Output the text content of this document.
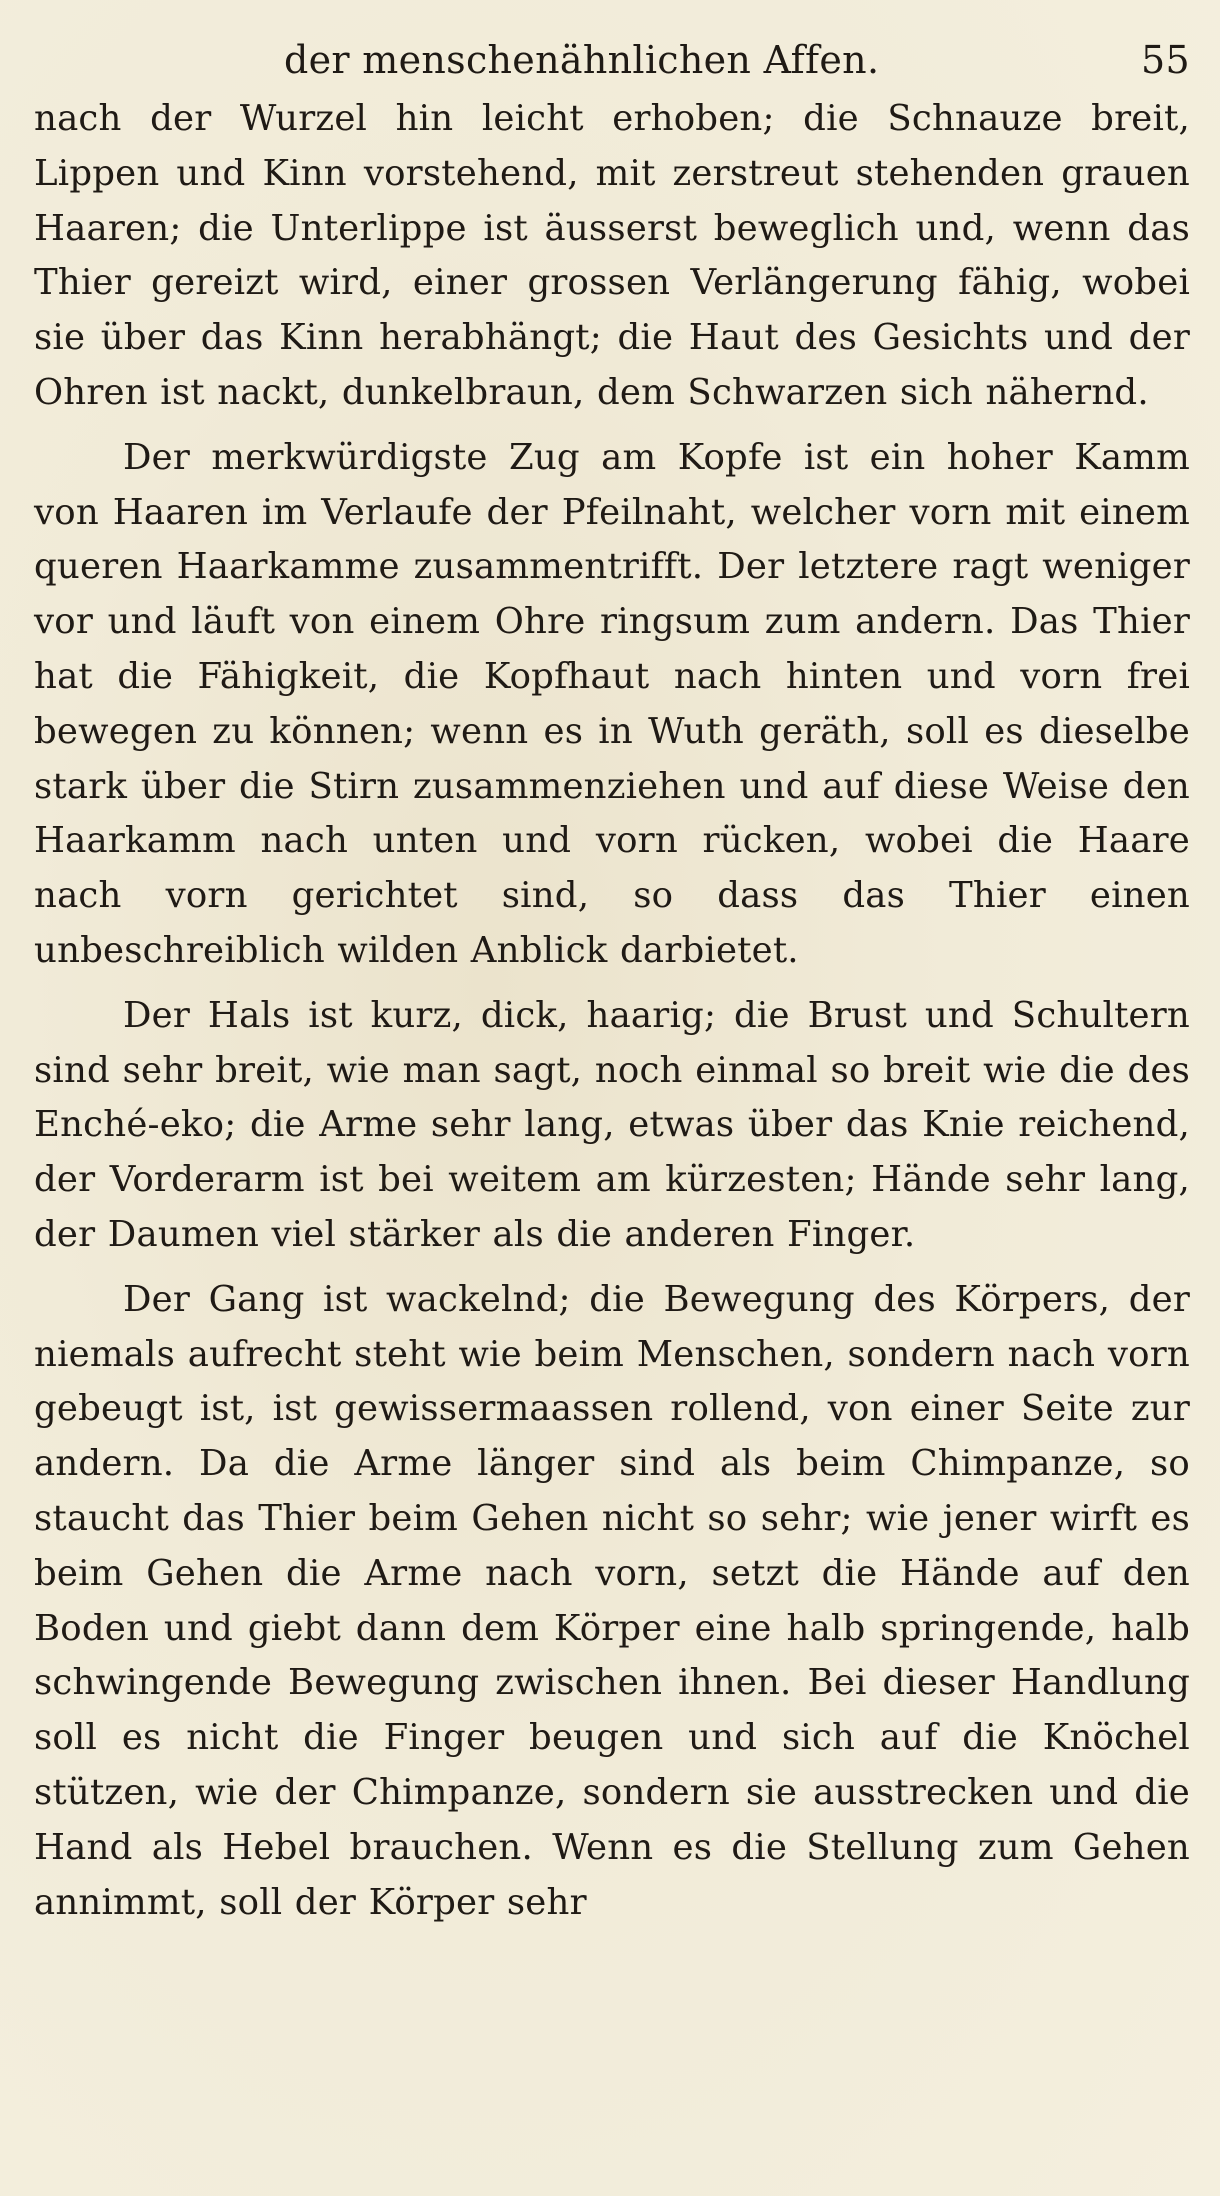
der menschenähnlichen Affen.	55

nach der Wurzel hin leicht erhoben; die Schnauze breit, Lippen und Kinn vorstehend, mit zerstreut stehenden grauen Haaren; die Unterlippe ist äusserst beweglich und, wenn das Thier gereizt wird, einer grossen Verlängerung fähig, wobei sie über das Kinn herabhängt; die Haut des Gesichts und der Ohren ist nackt, dunkelbraun, dem Schwarzen sich nähernd.

Der merkwürdigste Zug am Kopfe ist ein hoher Kamm von Haaren im Verlaufe der Pfeilnaht, welcher vorn mit einem queren Haarkamme zusammentrifft. Der letztere ragt weniger vor und läuft von einem Ohre ringsum zum andern. Das Thier hat die Fähigkeit, die Kopfhaut nach hinten und vorn frei bewegen zu können; wenn es in Wuth geräth, soll es dieselbe stark über die Stirn zusammenziehen und auf diese Weise den Haarkamm nach unten und vorn rücken, wobei die Haare nach vorn gerichtet sind, so dass das Thier einen unbeschreiblich wilden Anblick darbietet.

Der Hals ist kurz, dick, haarig; die Brust und Schultern sind sehr breit, wie man sagt, noch einmal so breit wie die des Enché-eko; die Arme sehr lang, etwas über das Knie reichend, der Vorderarm ist bei weitem am kürzesten; Hände sehr lang, der Daumen viel stärker als die anderen Finger.

Der Gang ist wackelnd; die Bewegung des Körpers, der niemals aufrecht steht wie beim Menschen, sondern nach vorn gebeugt ist, ist gewissermaassen rollend, von einer Seite zur andern. Da die Arme länger sind als beim Chimpanze, so staucht das Thier beim Gehen nicht so sehr; wie jener wirft es beim Gehen die Arme nach vorn, setzt die Hände auf den Boden und giebt dann dem Körper eine halb springende, halb schwingende Bewegung zwischen ihnen. Bei dieser Handlung soll es nicht die Finger beugen und sich auf die Knöchel stützen, wie der Chimpanze, sondern sie ausstrecken und die Hand als Hebel brauchen. Wenn es die Stellung zum Gehen annimmt, soll der Körper sehr
